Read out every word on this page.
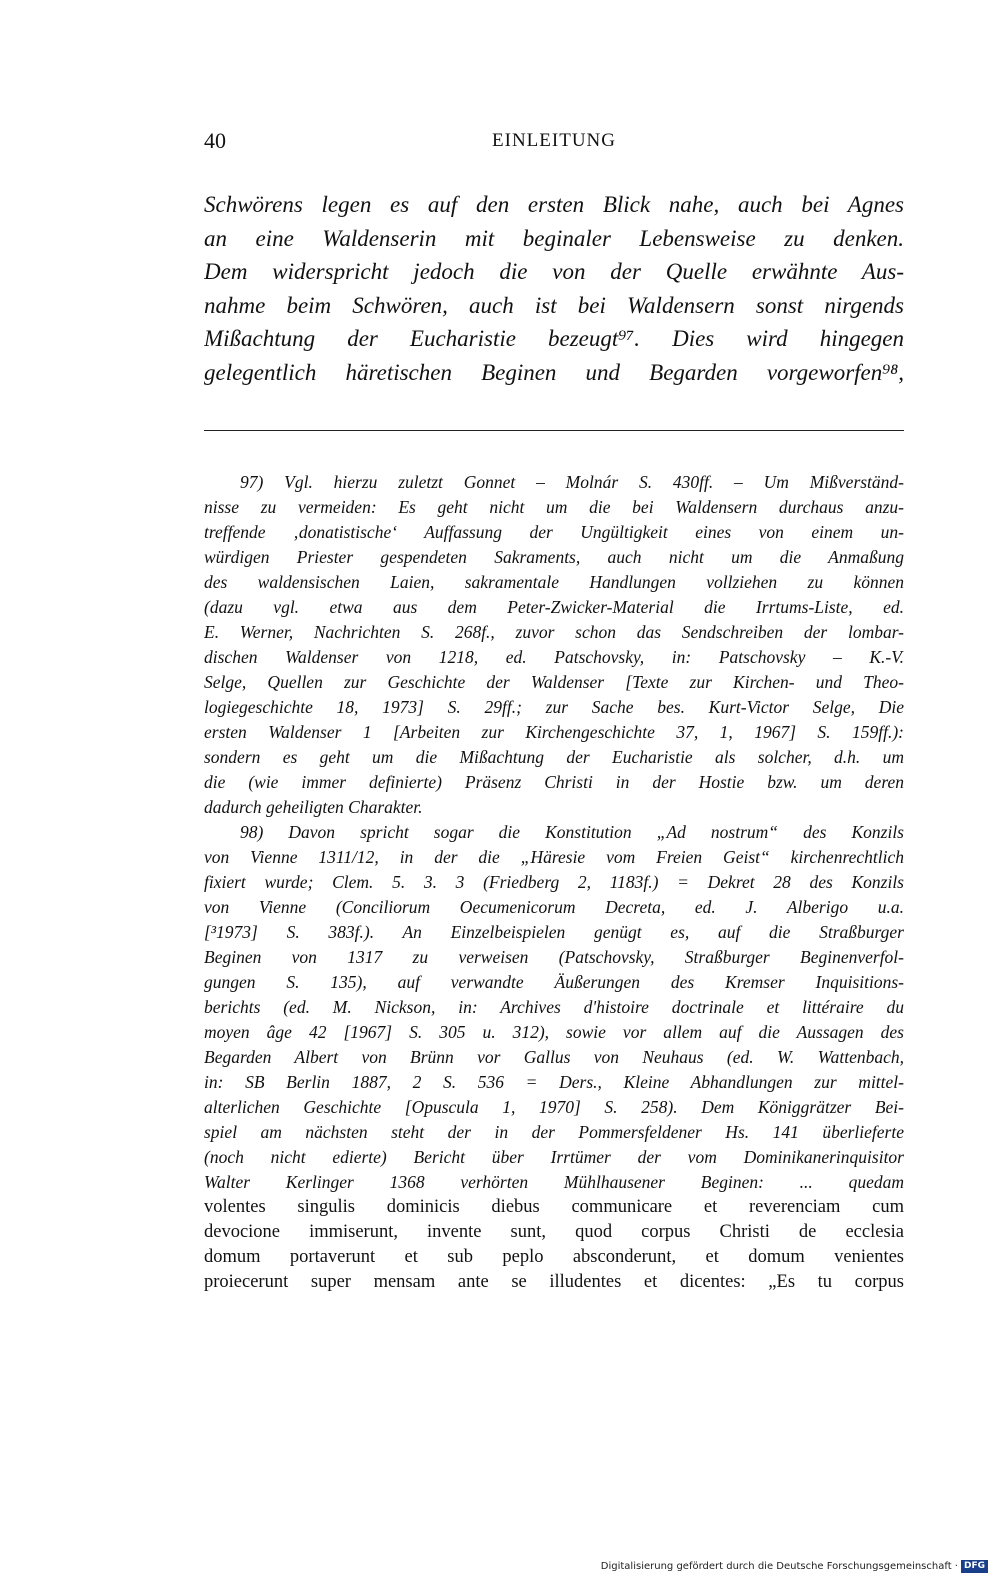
40	EINLEITUNG
Schwörens legen es auf den ersten Blick nahe, auch bei Agnes
an eine Waldenserin mit beginaler Lebensweise zu denken.
Dem widerspricht jedoch die von der Quelle erwähnte Aus-
nahme beim Schwören, auch ist bei Waldensern sonst nirgends
Mißachtung der Eucharistie bezeugt⁹⁷. Dies wird hingegen
gelegentlich häretischen Beginen und Begarden vorgeworfen⁹⁸,
97) Vgl. hierzu zuletzt Gonnet – Molnár S. 430ff. – Um Mißverständ-
nisse zu vermeiden: Es geht nicht um die bei Waldensern durchaus anzu-
treffende ‚donatistische‘ Auffassung der Ungültigkeit eines von einem un-
würdigen Priester gespendeten Sakraments, auch nicht um die Anmaßung
des waldensischen Laien, sakramentale Handlungen vollziehen zu können
(dazu vgl. etwa aus dem Peter-Zwicker-Material die Irrtums-Liste, ed.
E. Werner, Nachrichten S. 268f., zuvor schon das Sendschreiben der lombar-
dischen Waldenser von 1218, ed. Patschovsky, in: Patschovsky – K.-V.
Selge, Quellen zur Geschichte der Waldenser [Texte zur Kirchen- und Theo-
logiegeschichte 18, 1973] S. 29ff.; zur Sache bes. Kurt-Victor Selge, Die
ersten Waldenser 1 [Arbeiten zur Kirchengeschichte 37, 1, 1967] S. 159ff.):
sondern es geht um die Mißachtung der Eucharistie als solcher, d.h. um
die (wie immer definierte) Präsenz Christi in der Hostie bzw. um deren
dadurch geheiligten Charakter.
98) Davon spricht sogar die Konstitution „Ad nostrum“ des Konzils
von Vienne 1311/12, in der die „Häresie vom Freien Geist“ kirchenrechtlich
fixiert wurde; Clem. 5. 3. 3 (Friedberg 2, 1183f.) = Dekret 28 des Konzils
von Vienne (Conciliorum Oecumenicorum Decreta, ed. J. Alberigo u.a.
[³1973] S. 383f.). An Einzelbeispielen genügt es, auf die Straßburger
Beginen von 1317 zu verweisen (Patschovsky, Straßburger Beginenverfol-
gungen S. 135), auf verwandte Äußerungen des Kremser Inquisitions-
berichts (ed. M. Nickson, in: Archives d'histoire doctrinale et littéraire du
moyen âge 42 [1967] S. 305 u. 312), sowie vor allem auf die Aussagen des
Begarden Albert von Brünn vor Gallus von Neuhaus (ed. W. Wattenbach,
in: SB Berlin 1887, 2 S. 536 = Ders., Kleine Abhandlungen zur mittel-
alterlichen Geschichte [Opuscula 1, 1970] S. 258). Dem Königgrätzer Bei-
spiel am nächsten steht der in der Pommersfeldener Hs. 141 überlieferte
(noch nicht edierte) Bericht über Irrtümer der vom Dominikanerinquisitor
Walter Kerlinger 1368 verhörten Mühlhausener Beginen: ... quedam
volentes singulis dominicis diebus communicare et reverenciam cum
devocione immiserunt, invente sunt, quod corpus Christi de ecclesia
domum portaverunt et sub peplo absconderunt, et domum venientes
proiecerunt super mensam ante se illudentes et dicentes: „Es tu corpus
Digitalisierung gefördert durch die Deutsche Forschungsgemeinschaft · DFG
